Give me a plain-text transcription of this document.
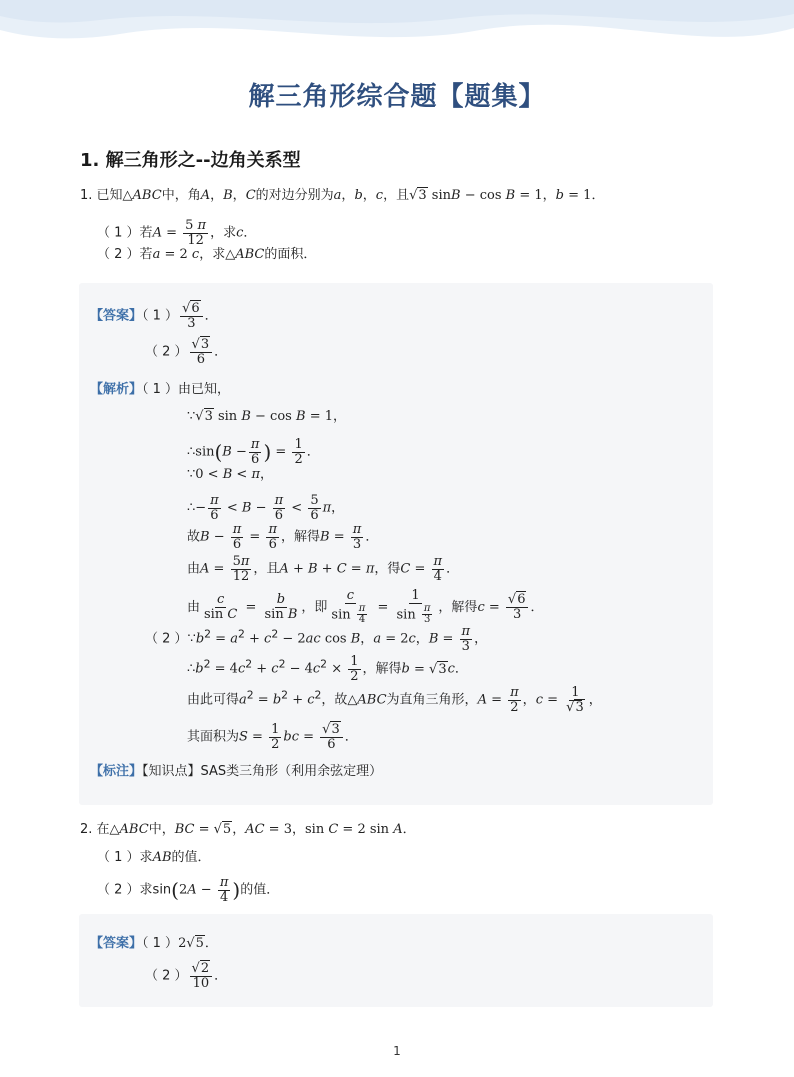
解三角形综合题【题集】
1. 解三角形之--边角关系型
1. 已知△ABC中，角A，B，C的对边分别为a，b，c，且√3 sinB − cos B = 1，b = 1．
（ 1 ）若$A = \frac{5 \pi}{12}$ ，求c．
（ 2 ）若a = 2 c，求△ABC的面积．
【答案】（ 1 ） $\frac{√6}{3}$ ．
（ 2 ） $\frac{√3}{6}$ ．
【解析】（ 1 ）由已知，
∵√3 sin B − cos B = 1，
∴sin(B − $\frac{\pi}{6}$ ) = $\frac{1}{2}$ ．
∵0 < B < π，
∴− $\frac{\pi}{6} < B - \frac{\pi}{6} < \frac{5}{6}$ π，
故$B - \frac{\pi}{6} = \frac{\pi}{6}$ ，解得$B = \frac{\pi}{3}$ ．
由$A = \frac{5\pi}{12}$ ，且A + B + C = π，得$C = \frac{\pi}{4}$ ．
由 $\frac{c}{\text{sin C}} = \frac{b}{\text{sin B}}$ ，即 $\frac{c}{\sin \frac{\pi}{4}} = \frac{1}{\sin \frac{\pi}{3}}$ ，解得$c = \frac{√6}{3}$ ．
（ 2 ）$\because b^2 = a^2 + c^2 - 2ac$ cos B，a = 2c，$B = \frac{\pi}{3}$ ，
$\therefore b^2 = 4c^2 + c^2 - 4c^2 \times \frac{1}{2}$ ，解得b = √3c．
由此可得$a^2 = b^2 + c^2$，故△ABC为直角三角形，$A = \frac{\pi}{2}$ ，$c = \frac{1}{√3}$ ，
其面积为$S = \frac{1}{2}$ bc = $\frac{√3}{6}$ ．
【标注】【知识点】SAS类三角形（利用余弦定理）
2. 在△ABC中，BC = √5，AC = 3，sin C = 2 sin A．
（ 1 ）求AB的值．
（ 2 ）求$\sin(2A - \frac{\pi}{4}$ )的值．
【答案】（ 1 ）2√5．
（ 2 ） $\frac{√2}{10}$ ．
1
